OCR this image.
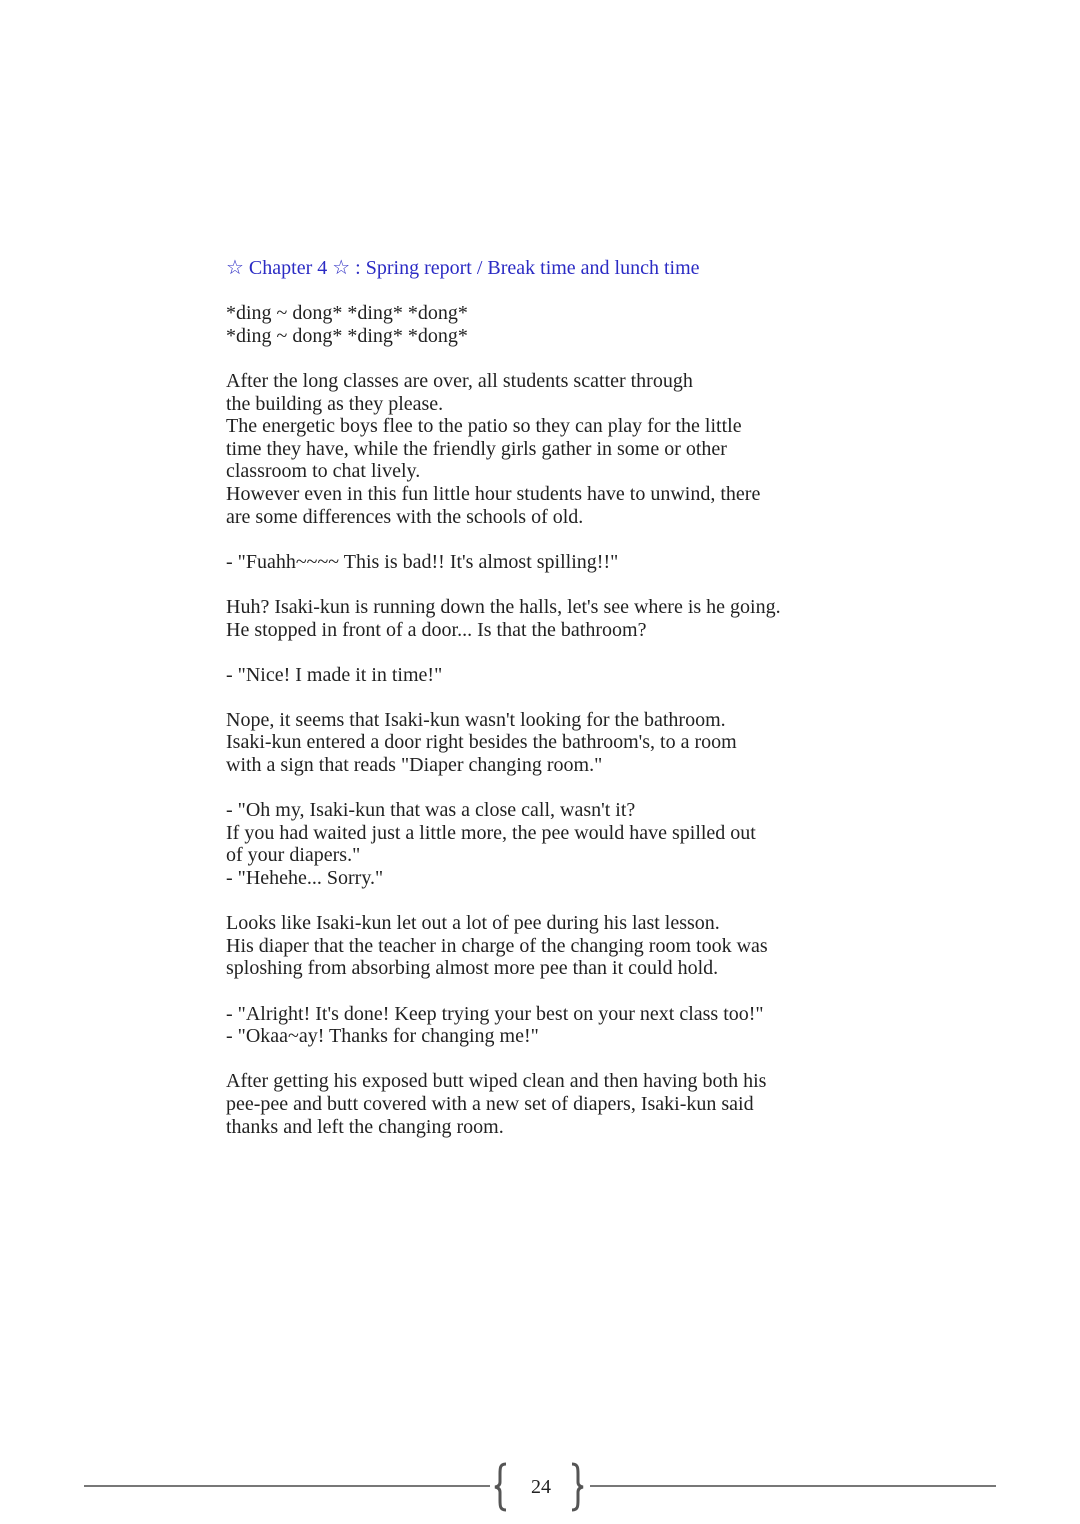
☆ Chapter 4 ☆ : Spring report / Break time and lunch time
*ding ~ dong* *ding* *dong*
*ding ~ dong* *ding* *dong*
After the long classes are over, all students scatter through
the building as they please.
The energetic boys flee to the patio so they can play for the little
time they have, while the friendly girls gather in some or other
classroom to chat lively.
However even in this fun little hour students have to unwind, there
are some differences with the schools of old.
- "Fuahh~~~~ This is bad!! It's almost spilling!!"
Huh? Isaki-kun is running down the halls, let's see where is he going.
He stopped in front of a door... Is that the bathroom?
- "Nice! I made it in time!"
Nope, it seems that Isaki-kun wasn't looking for the bathroom.
Isaki-kun entered a door right besides the bathroom's, to a room
with a sign that reads "Diaper changing room."
- "Oh my, Isaki-kun that was a close call, wasn't it?
If you had waited just a little more, the pee would have spilled out
of your diapers."
- "Hehehe... Sorry."
Looks like Isaki-kun let out a lot of pee during his last lesson.
His diaper that the teacher in charge of the changing room took was
sploshing from absorbing almost more pee than it could hold.
- "Alright! It's done! Keep trying your best on your next class too!"
- "Okaa~ay! Thanks for changing me!"
After getting his exposed butt wiped clean and then having both his
pee-pee and butt covered with a new set of diapers, Isaki-kun said
thanks and left the changing room.
24
